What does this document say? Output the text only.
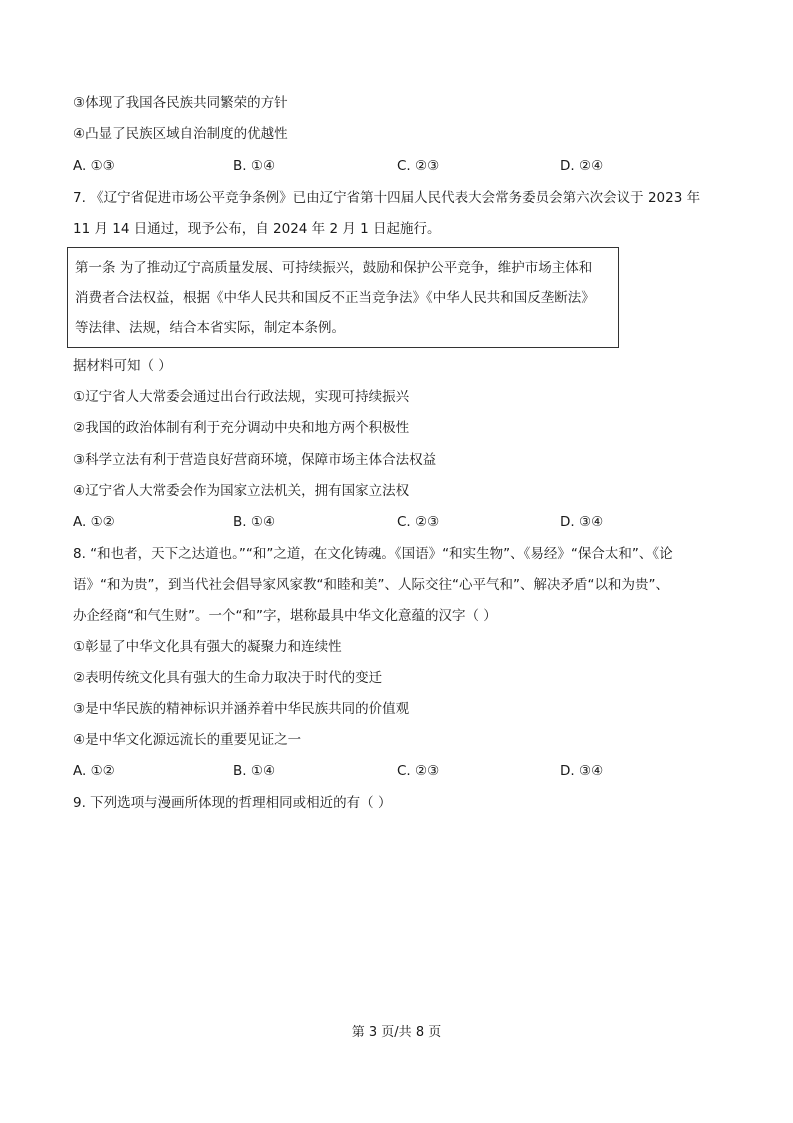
③体现了我国各民族共同繁荣的方针
④凸显了民族区域自治制度的优越性
A. ①③	B. ①④	C. ②③	D. ②④
7. 《辽宁省促进市场公平竞争条例》已由辽宁省第十四届人民代表大会常务委员会第六次会议于 2023 年
11 月 14 日通过，现予公布，自 2024 年 2 月 1 日起施行。
第一条 为了推动辽宁高质量发展、可持续振兴，鼓励和保护公平竞争，维护市场主体和
消费者合法权益，根据《中华人民共和国反不正当竞争法》《中华人民共和国反垄断法》
等法律、法规，结合本省实际，制定本条例。
据材料可知（ ）
①辽宁省人大常委会通过出台行政法规，实现可持续振兴
②我国的政治体制有利于充分调动中央和地方两个积极性
③科学立法有利于营造良好营商环境，保障市场主体合法权益
④辽宁省人大常委会作为国家立法机关，拥有国家立法权
A. ①②	B. ①④	C. ②③	D. ③④
8. “和也者，天下之达道也。”“和”之道，在文化铸魂。《国语》“和实生物”、《易经》“保合太和”、《论
语》“和为贵”，到当代社会倡导家风家教“和睦和美”、人际交往“心平气和”、解决矛盾“以和为贵”、
办企经商“和气生财”。一个“和”字，堪称最具中华文化意蕴的汉字（ ）
①彰显了中华文化具有强大的凝聚力和连续性
②表明传统文化具有强大的生命力取决于时代的变迁
③是中华民族的精神标识并涵养着中华民族共同的价值观
④是中华文化源远流长的重要见证之一
A. ①②	B. ①④	C. ②③	D. ③④
9. 下列选项与漫画所体现的哲理相同或相近的有（ ）
第 3 页/共 8 页
